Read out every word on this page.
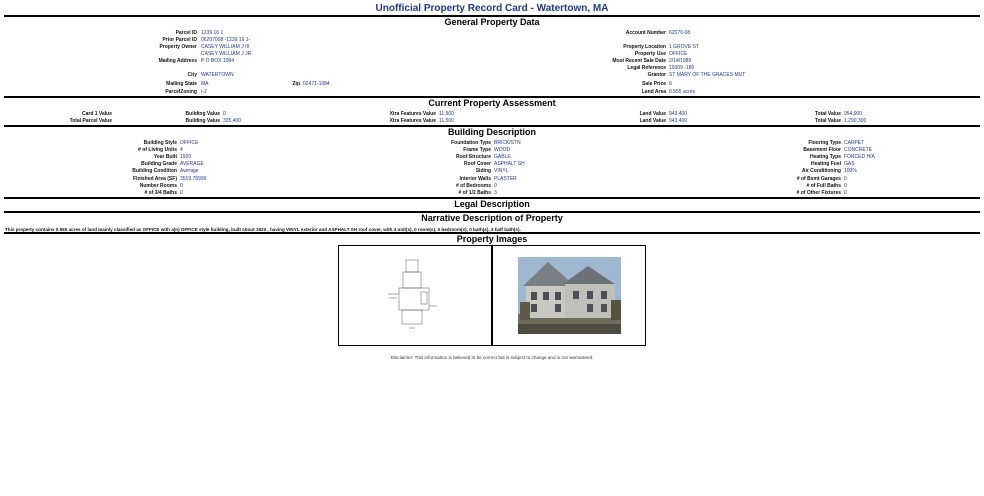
Unofficial Property Record Card - Watertown, MA
General Property Data
Parcel ID 1239 16 1
Prior Parcel ID 06207008 -1239 16 1-
Property Owner CASEY WILLIAM J III
CASEY WILLIAM J JR
Mailing Address P O BOX 1084
City WATERTOWN
Mailing State MA	Zip 02471-1084
ParcelZoning I-2
Account Number 62070-08
Property Location 1 GROVE ST
Property Use OFFICE
Most Recent Sale Date 2/14/1989
Legal Reference 19309 -180
Grantor ST MARY OF THE GRACES MUT
Sale Price 0
Land Area 0.555 acres
Current Property Assessment
Card 1 Value
Total Parcel Value
Building Value 0
Building Value 335,400
Xtra Features Value 11,500
Xtra Features Value 11,500
Land Value 943,400
Land Value 943,400
Total Value 954,900
Total Value 1,290,300
Building Description
Building Style OFFICE
# of Living Units 4
Year Built 1920
Building Grade AVERAGE
Building Condition Average
Finished Area (SF) 3519.78999
Number Rooms 0
# of 3/4 Baths 0
Foundation Type BRICK/STN
Frame Type WOOD
Roof Structure GABLE
Roof Cover ASPHALT SH
Siding VINYL
Interior Walls PLASTER
# of Bedrooms 0
# of 1/2 Baths 3
Flooring Type CARPET
Basement Floor CONCRETE
Heating Type FORCED H/A
Heating Fuel GAS
Air Conditioning 100%
# of Bsmt Garages 0
# of Full Baths 0
# of Other Fixtures 0
Legal Description
Narrative Description of Property
This property contains 0.555 acres of land mainly classified as OFFICE with a(n) OFFICE style building, built about 1920 , having VINYL exterior and ASPHALT SH roof cover, with 4 unit(s), 0 room(s), 0 bedroom(s), 0 bath(s), 3 half bath(s).
Property Images
·
·
·
Disclaimer: This information is believed to be correct but is subject to change and is not warranteed.
